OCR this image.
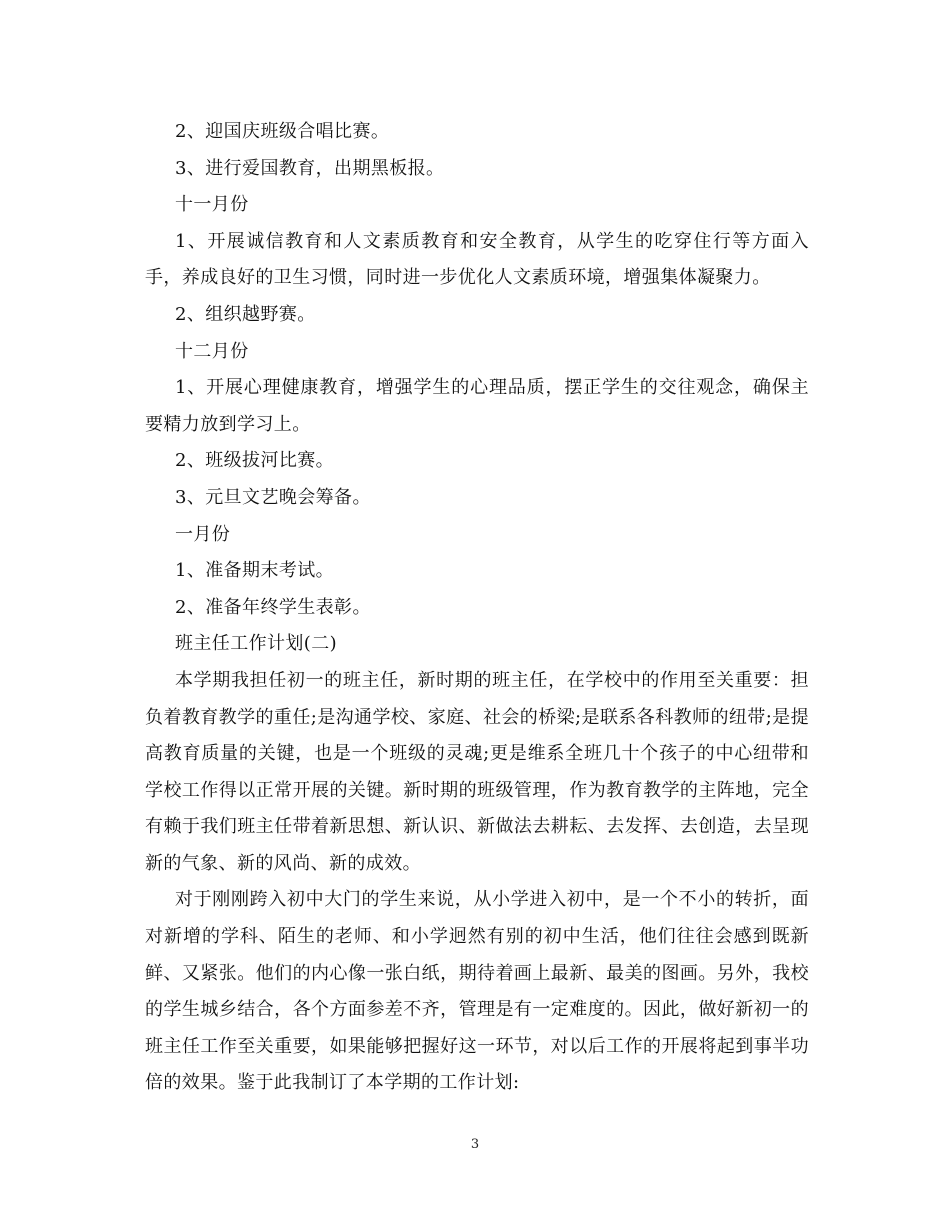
2、迎国庆班级合唱比赛。

3、进行爱国教育，出期黑板报。

十一月份

1、开展诚信教育和人文素质教育和安全教育，从学生的吃穿住行等方面入手，养成良好的卫生习惯，同时进一步优化人文素质环境，增强集体凝聚力。

2、组织越野赛。

十二月份

1、开展心理健康教育，增强学生的心理品质，摆正学生的交往观念，确保主要精力放到学习上。

2、班级拔河比赛。

3、元旦文艺晚会筹备。

一月份

1、准备期末考试。

2、准备年终学生表彰。

班主任工作计划(二)

本学期我担任初一的班主任，新时期的班主任，在学校中的作用至关重要：担负着教育教学的重任;是沟通学校、家庭、社会的桥梁;是联系各科教师的纽带;是提高教育质量的关键，也是一个班级的灵魂;更是维系全班几十个孩子的中心纽带和学校工作得以正常开展的关键。新时期的班级管理，作为教育教学的主阵地，完全有赖于我们班主任带着新思想、新认识、新做法去耕耘、去发挥、去创造，去呈现新的气象、新的风尚、新的成效。

对于刚刚跨入初中大门的学生来说，从小学进入初中，是一个不小的转折，面对新增的学科、陌生的老师、和小学迥然有别的初中生活，他们往往会感到既新鲜、又紧张。他们的内心像一张白纸，期待着画上最新、最美的图画。另外，我校的学生城乡结合，各个方面参差不齐，管理是有一定难度的。因此，做好新初一的班主任工作至关重要，如果能够把握好这一环节，对以后工作的开展将起到事半功倍的效果。鉴于此我制订了本学期的工作计划:

3
